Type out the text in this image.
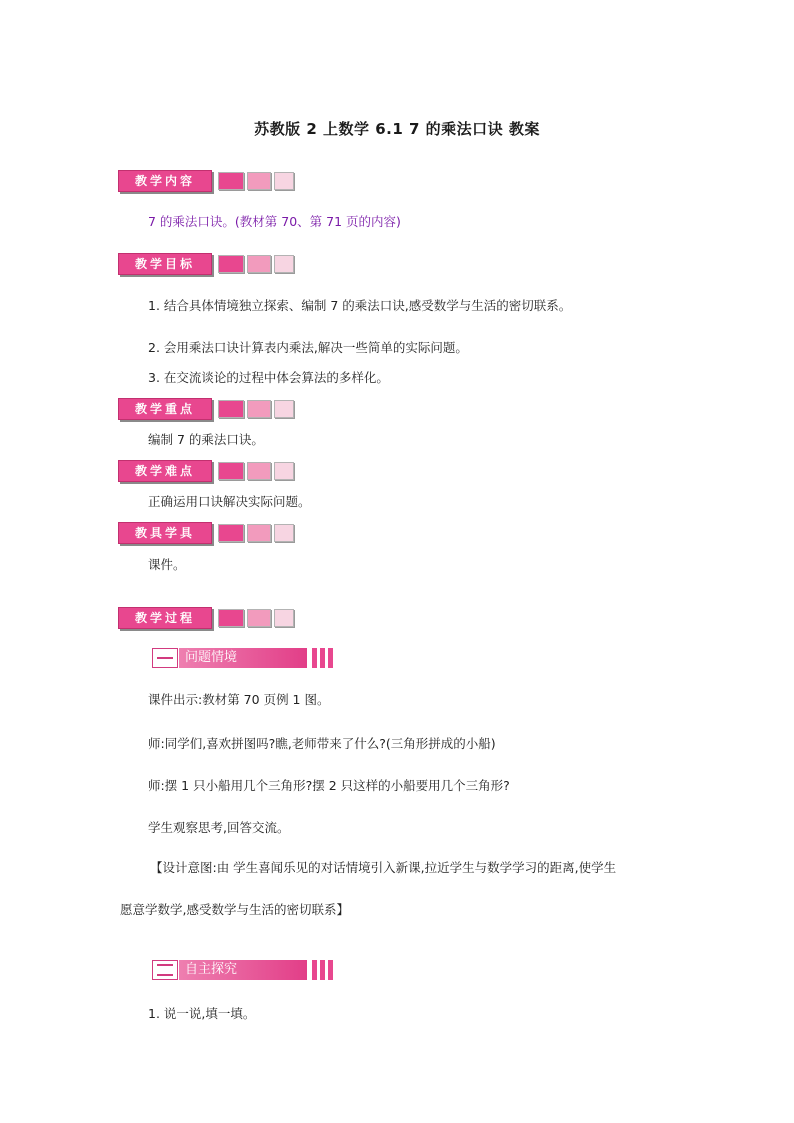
苏教版 2 上数学 6.1 7 的乘法口诀 教案
教学内容
7 的乘法口诀。(教材第 70、第 71 页的内容)
教学目标
1. 结合具体情境独立探索、编制 7 的乘法口诀,感受数学与生活的密切联系。
2. 会用乘法口诀计算表内乘法,解决一些简单的实际问题。
3. 在交流谈论的过程中体会算法的多样化。
教学重点
编制 7 的乘法口诀。
教学难点
正确运用口诀解决实际问题。
教具学具
课件。
教学过程
问题情境
课件出示:教材第 70 页例 1 图。
师:同学们,喜欢拼图吗?瞧,老师带来了什么?(三角形拼成的小船)
师:摆 1 只小船用几个三角形?摆 2 只这样的小船要用几个三角形?
学生观察思考,回答交流。
【设计意图:由 学生喜闻乐见的对话情境引入新课,拉近学生与数学学习的距离,使学生
愿意学数学,感受数学与生活的密切联系】
自主探究
1. 说一说,填一填。
